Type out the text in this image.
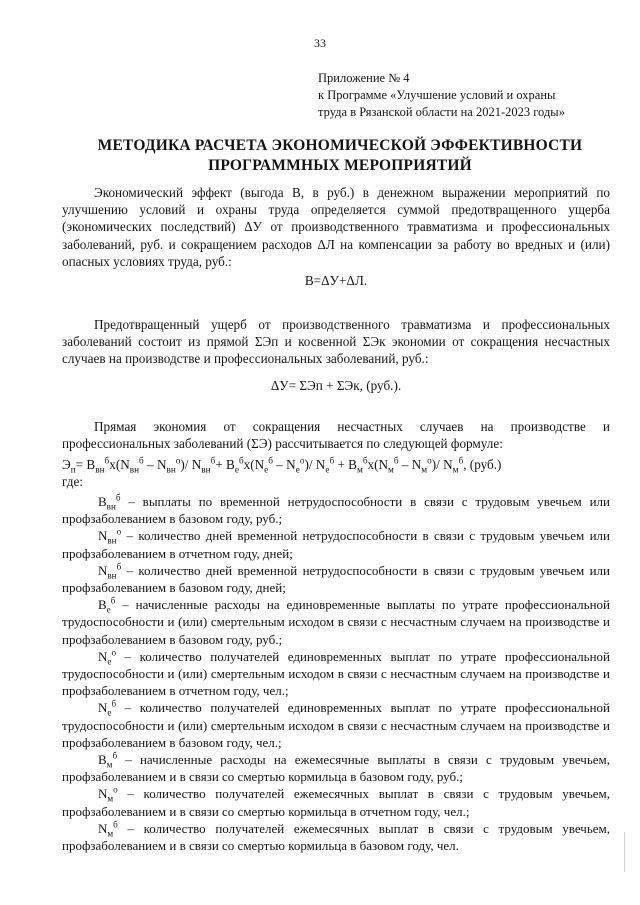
33
Приложение № 4
к Программе «Улучшение условий и охраны
труда в Рязанской области на 2021-2023 годы»
МЕТОДИКА РАСЧЕТА ЭКОНОМИЧЕСКОЙ ЭФФЕКТИВНОСТИ
ПРОГРАММНЫХ МЕРОПРИЯТИЙ

Экономический эффект (выгода В, в руб.) в денежном выражении мероприятий по улучшению условий и охраны труда определяется суммой предотвращенного ущерба (экономических последствий) ΔУ от производственного травматизма и профессиональных заболеваний, руб. и сокращением расходов ΔЛ на компенсации за работу во вредных и (или) опасных условиях труда, руб.:

В=ΔУ+ΔЛ.

Предотвращенный ущерб от производственного травматизма и профессиональных заболеваний состоит из прямой ΣЭп и косвенной ΣЭк экономии от сокращения несчастных случаев на производстве и профессиональных заболеваний, руб.:

ΔУ= ΣЭп + ΣЭк, (руб.).

Прямая экономия от сокращения несчастных случаев на производстве и профессиональных заболеваний (ΣЭ) рассчитывается по следующей формуле:

$Э_п= В_{вн}^бx(N_{вн}^б - N_{вн}^о)/$ $N_{вн}^б+ В_е^бx(N_е^б - N_е^о)/$ $N_е^б + В_м^бx(N_м^б - N_м^о)/$ $N_м^б$, (руб.)
где:

$В_{вн}^б$ – выплаты по временной нетрудоспособности в связи с трудовым увечьем или профзаболеванием в базовом году, руб.;

$N_{вн}^о$ – количество дней временной нетрудоспособности в связи с трудовым увечьем или профзаболеванием в отчетном году, дней;

$N_{вн}^б$ – количество дней временной нетрудоспособности в связи с трудовым увечьем или профзаболеванием в базовом году, дней;

$В_е^б$ – начисленные расходы на единовременные выплаты по утрате профессиональной трудоспособности и (или) смертельным исходом в связи с несчастным случаем на производстве и профзаболеванием в базовом году, руб.;

$N_е^о$ – количество получателей единовременных выплат по утрате профессиональной трудоспособности и (или) смертельным исходом в связи с несчастным случаем на производстве и профзаболеванием в отчетном году, чел.;

$N_е^б$ – количество получателей единовременных выплат по утрате профессиональной трудоспособности и (или) смертельным исходом в связи с несчастным случаем на производстве и профзаболеванием в базовом году, чел.;

$В_м^б$ – начисленные расходы на ежемесячные выплаты в связи с трудовым увечьем, профзаболеванием и в связи со смертью кормильца в базовом году, руб.;

$N_м^о$ – количество получателей ежемесячных выплат в связи с трудовым увечьем, профзаболеванием и в связи со смертью кормильца в отчетном году, чел.;

$N_м^б$ – количество получателей ежемесячных выплат в связи с трудовым увечьем, профзаболеванием и в связи со смертью кормильца в базовом году, чел.
